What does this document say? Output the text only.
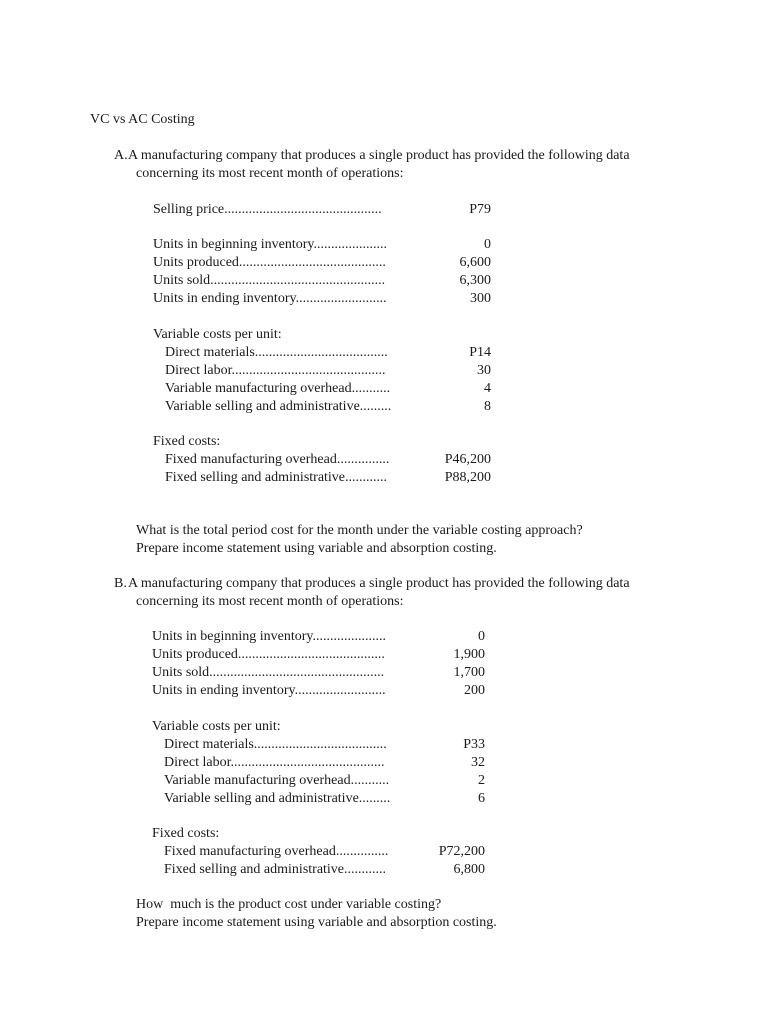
VC vs AC Costing
A. A manufacturing company that produces a single product has provided the following data
concerning its most recent month of operations:
Selling price.............................................	P79
Units in beginning inventory.....................	0
Units produced..........................................	6,600
Units sold..................................................	6,300
Units in ending inventory..........................	300
Variable costs per unit:
Direct materials......................................	P14
Direct labor............................................	30
Variable manufacturing overhead...........	4
Variable selling and administrative.........	8
Fixed costs:
Fixed manufacturing overhead...............	P46,200
Fixed selling and administrative............	P88,200
What is the total period cost for the month under the variable costing approach?
Prepare income statement using variable and absorption costing.
B. A manufacturing company that produces a single product has provided the following data
concerning its most recent month of operations:
Units in beginning inventory.....................	0
Units produced..........................................	1,900
Units sold..................................................	1,700
Units in ending inventory..........................	200
Variable costs per unit:
Direct materials......................................	P33
Direct labor............................................	32
Variable manufacturing overhead...........	2
Variable selling and administrative.........	6
Fixed costs:
Fixed manufacturing overhead...............	P72,200
Fixed selling and administrative............	6,800
How  much is the product cost under variable costing?
Prepare income statement using variable and absorption costing.
